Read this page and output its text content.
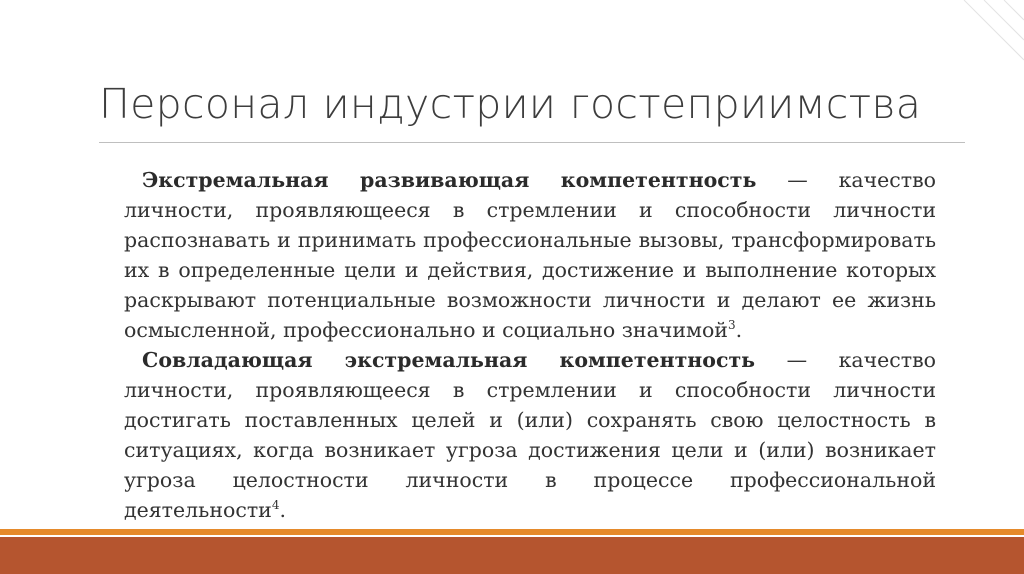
Персонал индустрии гостеприимства

Экстремальная развивающая компетентность — качество личности, проявляющееся в стремлении и способности личности распознавать и принимать профессиональные вызовы, трансформировать их в определенные цели и действия, достижение и выполнение которых раскрывают потенциальные возможности личности и делают ее жизнь осмысленной, профессионально и социально значимой$^3$.

Совладающая экстремальная компетентность — качество личности, проявляющееся в стремлении и способности личности достигать поставленных целей и (или) сохранять свою целостность в ситуациях, когда возникает угроза достижения цели и (или) возникает угроза целостности личности в процессе профессиональной деятельности$^4$.
